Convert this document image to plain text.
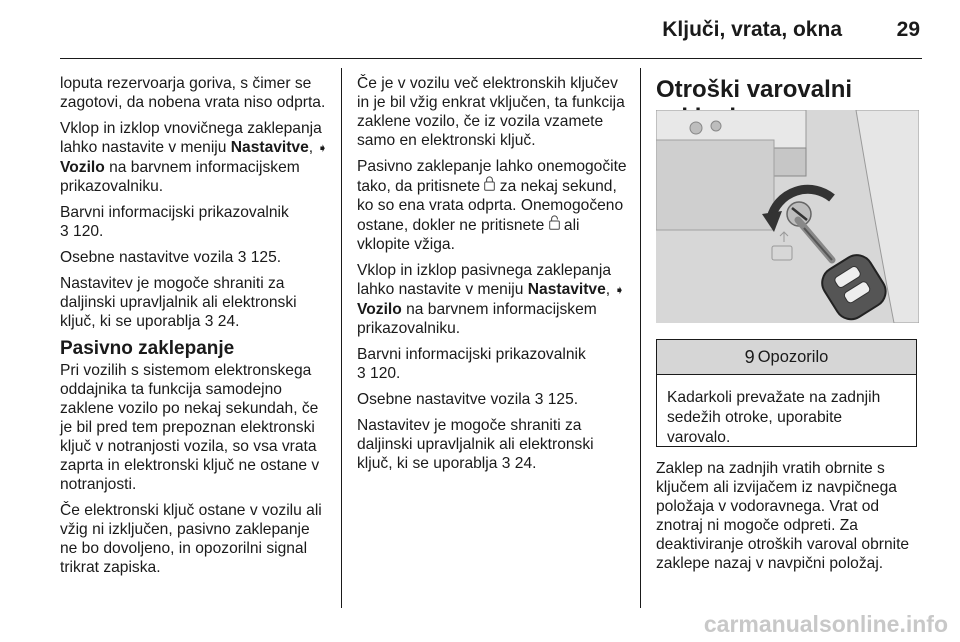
Ključi, vrata, okna	29

loputa rezervoarja goriva, s čimer se zagotovi, da nobena vrata niso odprta.

Vklop in izklop vnovičnega zaklepanja lahko nastavite v meniju Nastavitve, ➧ Vozilo na barvnem informacijskem prikazovalniku.

Barvni informacijski prikazovalnik
3 120.

Osebne nastavitve vozila 3 125.

Nastavitev je mogoče shraniti za daljinski upravljalnik ali elektronski ključ, ki se uporablja 3 24.

Pasivno zaklepanje

Pri vozilih s sistemom elektronskega oddajnika ta funkcija samodejno zaklene vozilo po nekaj sekundah, če je bil pred tem prepoznan elektronski ključ v notranjosti vozila, so vsa vrata zaprta in elektronski ključ ne ostane v notranjosti.

Če elektronski ključ ostane v vozilu ali vžig ni izključen, pasivno zaklepanje ne bo dovoljeno, in opozorilni signal trikrat zapiska.

Če je v vozilu več elektronskih ključev in je bil vžig enkrat vključen, ta funkcija zaklene vozilo, če iz vozila vzamete samo en elektronski ključ.

Pasivno zaklepanje lahko onemogočite tako, da pritisnete  za nekaj sekund, ko so ena vrata odprta. Onemogočeno ostane, dokler ne pritisnete  ali vklopite vžiga.

Vklop in izklop pasivnega zaklepanja lahko nastavite v meniju Nastavitve, ➧
Vozilo na barvnem informacijskem prikazovalniku.

Barvni informacijski prikazovalnik
3 120.

Osebne nastavitve vozila 3 125.

Nastavitev je mogoče shraniti za daljinski upravljalnik ali elektronski ključ, ki se uporablja 3 24.

Otroški varovalni
9 Opozorilo
Kadarkoli prevažate na zadnjih sedežih otroke, uporabite varovalo.

Zaklep na zadnjih vratih obrnite s ključem ali izvijačem iz navpičnega položaja v vodoravnega. Vrat od znotraj ni mogoče odpreti. Za deaktiviranje otroških varoval obrnite zaklepe nazaj v navpični položaj.

carmanualsonline.info
